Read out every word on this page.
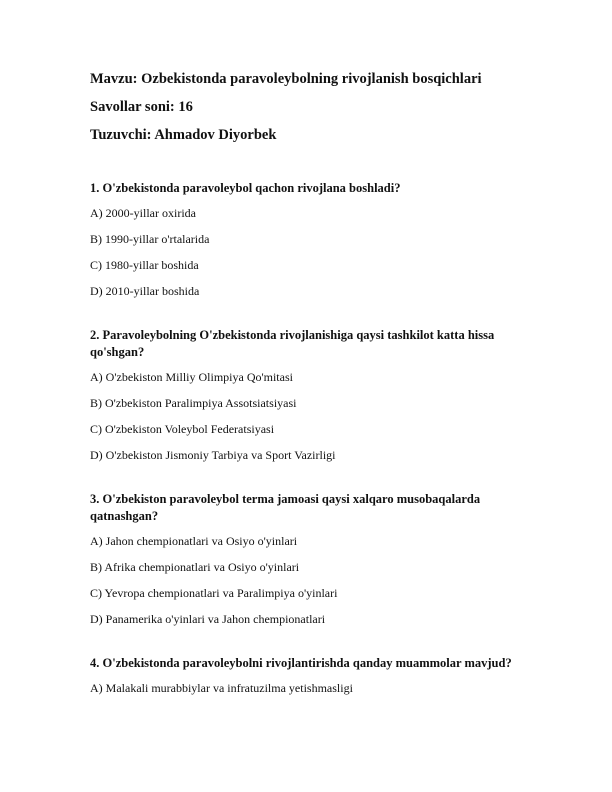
Mavzu: Ozbekistonda paravoleybolning rivojlanish bosqichlari
Savollar soni: 16
Tuzuvchi: Ahmadov Diyorbek
1. O'zbekistonda paravoleybol qachon rivojlana boshladi?
A) 2000-yillar oxirida
B) 1990-yillar o'rtalarida
C) 1980-yillar boshida
D) 2010-yillar boshida
2. Paravoleybolning O'zbekistonda rivojlanishiga qaysi tashkilot katta hissa qo'shgan?
A) O'zbekiston Milliy Olimpiya Qo'mitasi
B) O'zbekiston Paralimpiya Assotsiatsiyasi
C) O'zbekiston Voleybol Federatsiyasi
D) O'zbekiston Jismoniy Tarbiya va Sport Vazirligi
3. O'zbekiston paravoleybol terma jamoasi qaysi xalqaro musobaqalarda qatnashgan?
A) Jahon chempionatlari va Osiyo o'yinlari
B) Afrika chempionatlari va Osiyo o'yinlari
C) Yevropa chempionatlari va Paralimpiya o'yinlari
D) Panamerika o'yinlari va Jahon chempionatlari
4. O'zbekistonda paravoleybolni rivojlantirishda qanday muammolar mavjud?
A) Malakali murabbiylar va infratuzilma yetishmasligi
